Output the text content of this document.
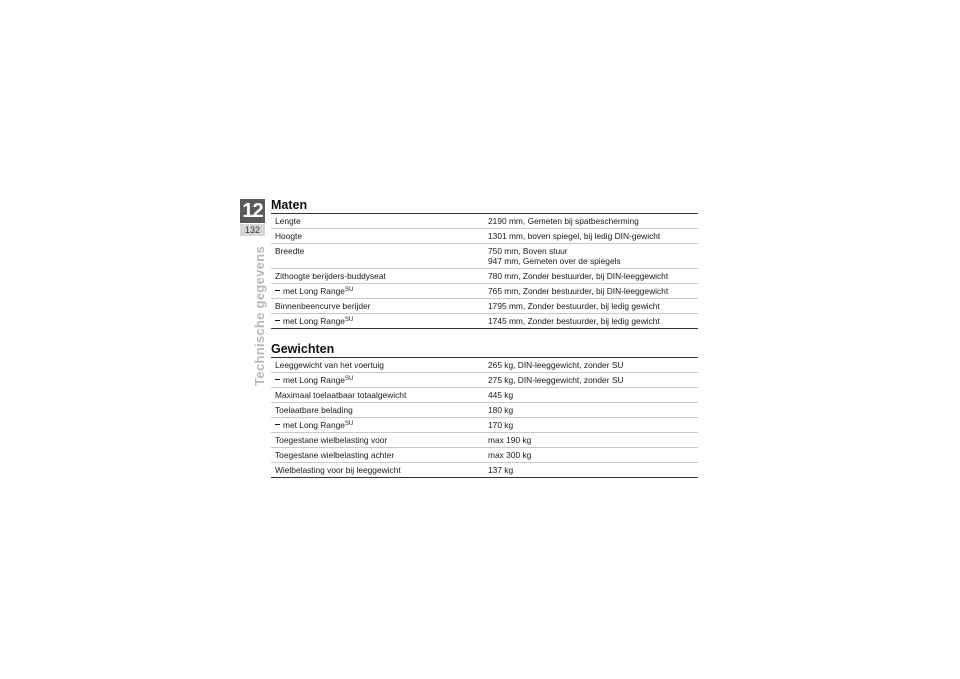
12
132
Technische gegevens
Maten
Lengte	2190 mm, Gemeten bij spatbescherming

Hoogte	1301 mm, boven spiegel, bij ledig DIN-gewicht

Breedte	750 mm, Boven stuur
947 mm, Gemeten over de spiegels

Zithoogte berijders-buddyseat	780 mm, Zonder bestuurder, bij DIN-leeggewicht

met Long Range$^{SU}$	765 mm, Zonder bestuurder, bij DIN-leeggewicht

Binnenbeencurve berijder	1795 mm, Zonder bestuurder, bij ledig gewicht

met Long Range$^{SU}$	1745 mm, Zonder bestuurder, bij ledig gewicht
Gewichten
Leeggewicht van het voertuig	265 kg, DIN-leeggewicht, zonder SU

met Long Range$^{SU}$	275 kg, DIN-leeggewicht, zonder SU

Maximaal toelaatbaar totaalgewicht	445 kg

Toelaatbare belading	180 kg

met Long Range$^{SU}$	170 kg

Toegestane wielbelasting voor	max 190 kg

Toegestane wielbelasting achter	max 300 kg

Wielbelasting voor bij leeggewicht	137 kg
